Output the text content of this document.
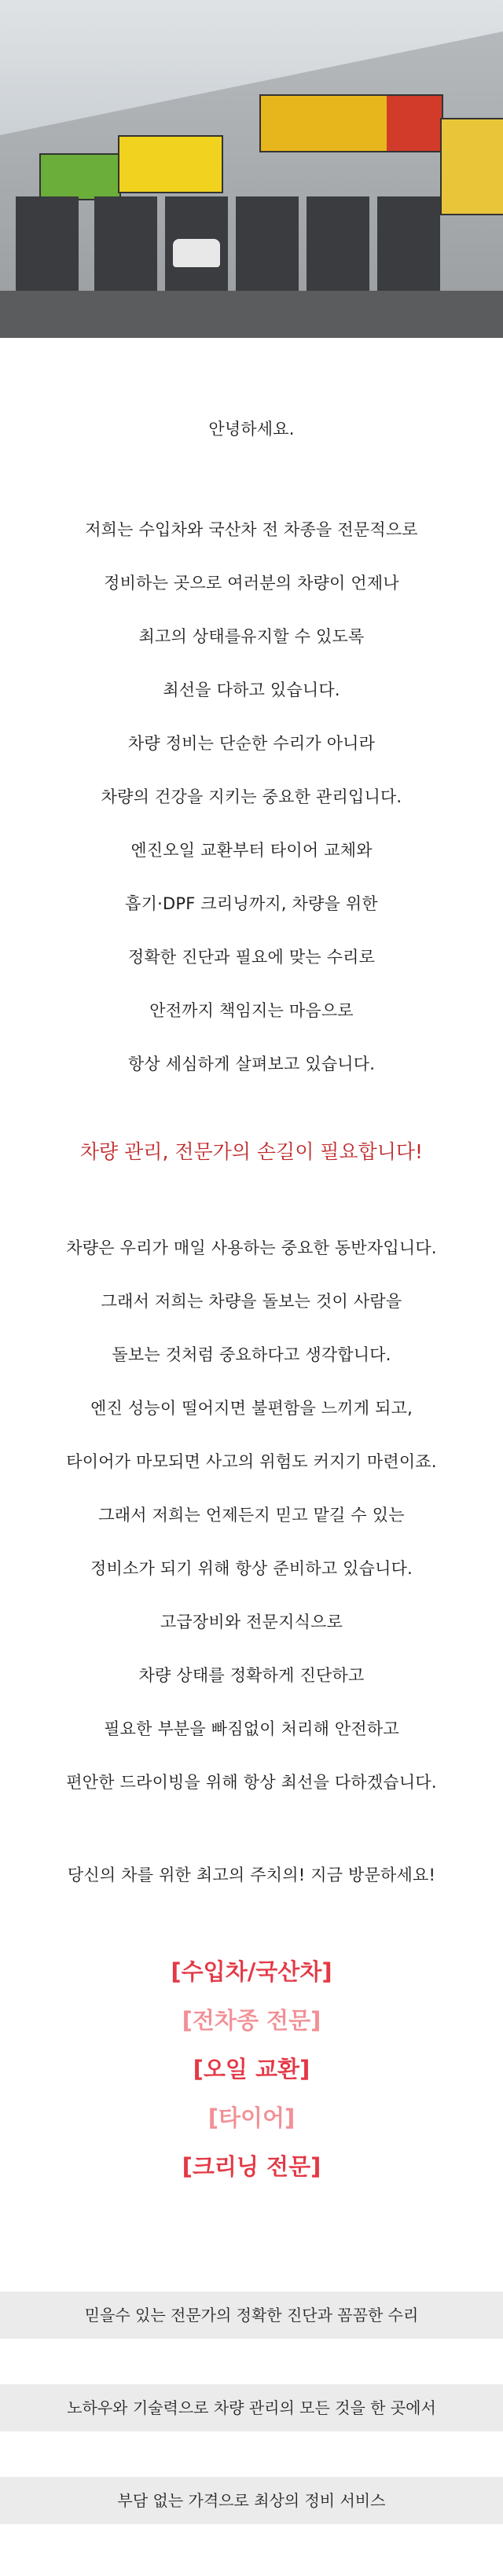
안녕하세요.
저희는 수입차와 국산차 전 차종을 전문적으로
정비하는 곳으로 여러분의 차량이 언제나
최고의 상태를유지할 수 있도록
최선을 다하고 있습니다.
차량 정비는 단순한 수리가 아니라
차량의 건강을 지키는 중요한 관리입니다.
엔진오일 교환부터 타이어 교체와
흡기·DPF 크리닝까지, 차량을 위한
정확한 진단과 필요에 맞는 수리로
안전까지 책임지는 마음으로
항상 세심하게 살펴보고 있습니다.
차량 관리, 전문가의 손길이 필요합니다!
차량은 우리가 매일 사용하는 중요한 동반자입니다.
그래서 저희는 차량을 돌보는 것이 사람을
돌보는 것처럼 중요하다고 생각합니다.
엔진 성능이 떨어지면 불편함을 느끼게 되고,
타이어가 마모되면 사고의 위험도 커지기 마련이죠.
그래서 저희는 언제든지 믿고 맡길 수 있는
정비소가 되기 위해 항상 준비하고 있습니다.
고급장비와 전문지식으로
차량 상태를 정확하게 진단하고
필요한 부분을 빠짐없이 처리해 안전하고
편안한 드라이빙을 위해 항상 최선을 다하겠습니다.
당신의 차를 위한 최고의 주치의! 지금 방문하세요!
[수입차/국산차]
[전차종 전문]
[오일 교환]
[타이어]
[크리닝 전문]
믿을수 있는 전문가의 정확한 진단과 꼼꼼한 수리
노하우와 기술력으로 차량 관리의 모든 것을 한 곳에서
부담 없는 가격으로 최상의 정비 서비스
